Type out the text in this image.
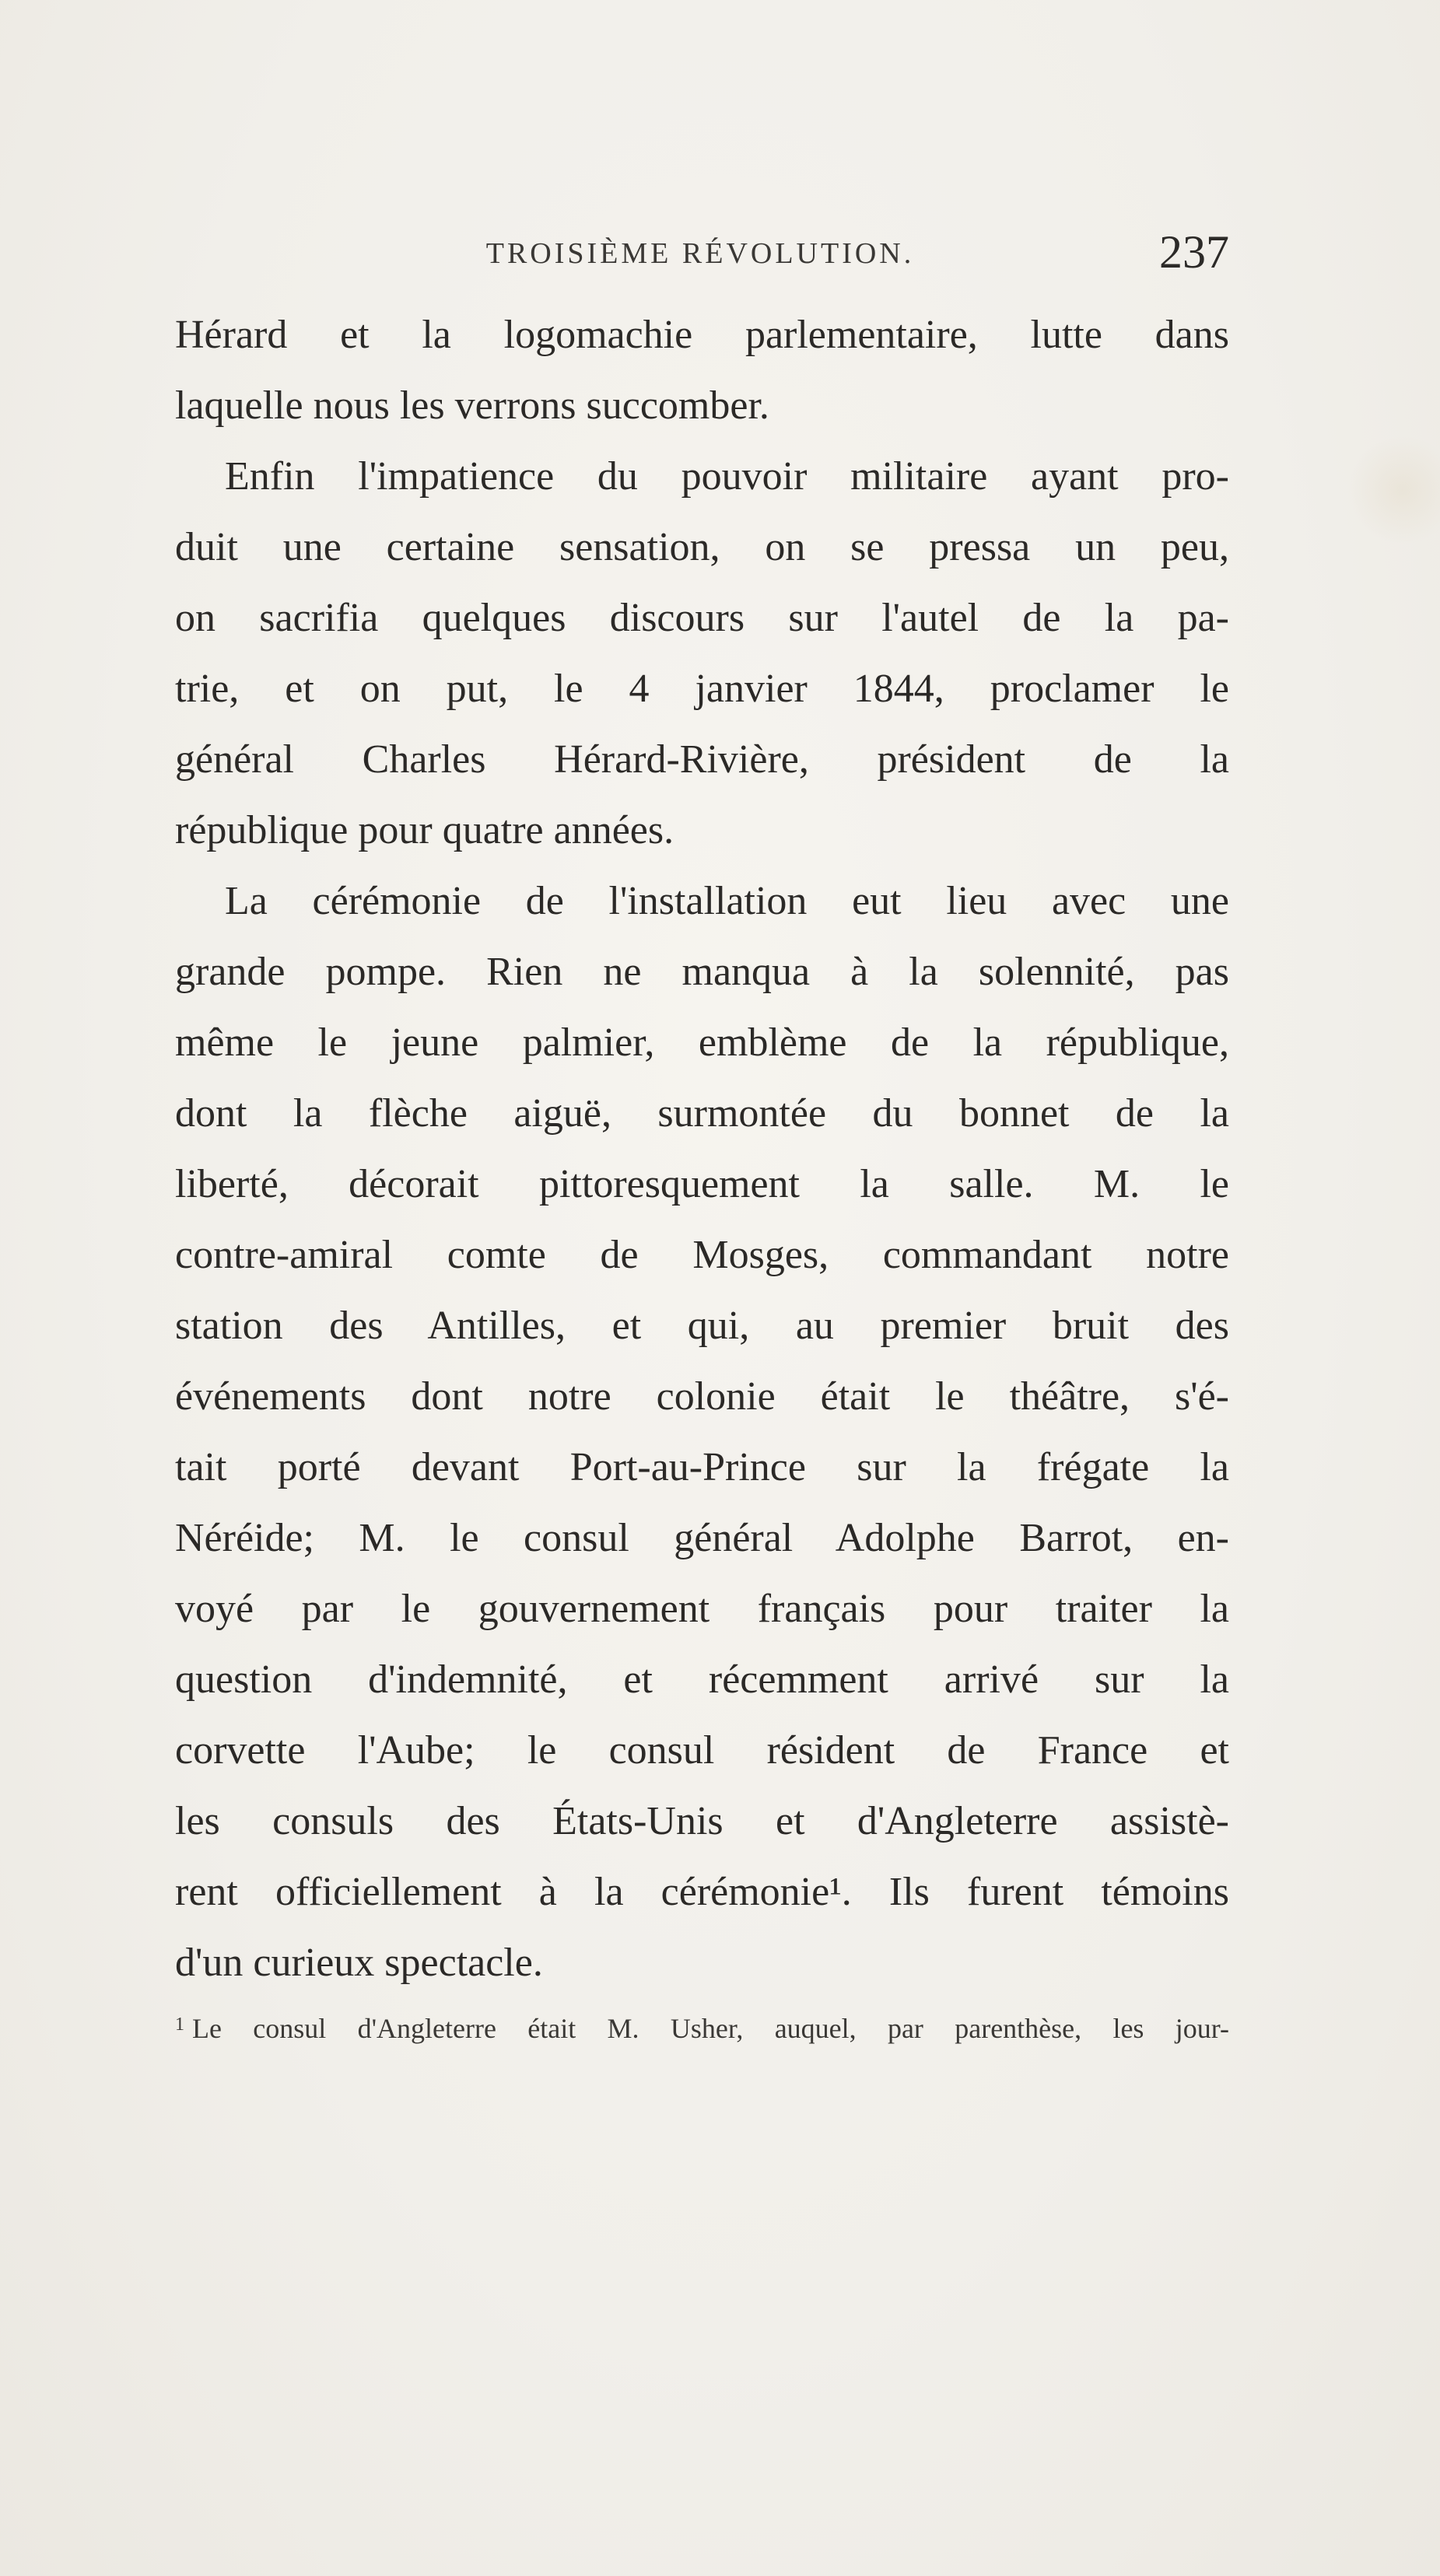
TROISIÈME RÉVOLUTION.	237
Hérard et la logomachie parlementaire, lutte dans
laquelle nous les verrons succomber.
Enfin l'impatience du pouvoir militaire ayant pro-
duit une certaine sensation, on se pressa un peu,
on sacrifia quelques discours sur l'autel de la pa-
trie, et on put, le 4 janvier 1844, proclamer le
général Charles Hérard-Rivière, président de la
république pour quatre années.
La cérémonie de l'installation eut lieu avec une
grande pompe. Rien ne manqua à la solennité, pas
même le jeune palmier, emblème de la république,
dont la flèche aiguë, surmontée du bonnet de la
liberté, décorait pittoresquement la salle. M. le
contre-amiral comte de Mosges, commandant notre
station des Antilles, et qui, au premier bruit des
événements dont notre colonie était le théâtre, s'é-
tait porté devant Port-au-Prince sur la frégate la
Néréide; M. le consul général Adolphe Barrot, en-
voyé par le gouvernement français pour traiter la
question d'indemnité, et récemment arrivé sur la
corvette l'Aube; le consul résident de France et
les consuls des États-Unis et d'Angleterre assistè-
rent officiellement à la cérémonie¹. Ils furent témoins
d'un curieux spectacle.
$^1$ Le consul d'Angleterre était M. Usher, auquel, par parenthèse, les jour-
